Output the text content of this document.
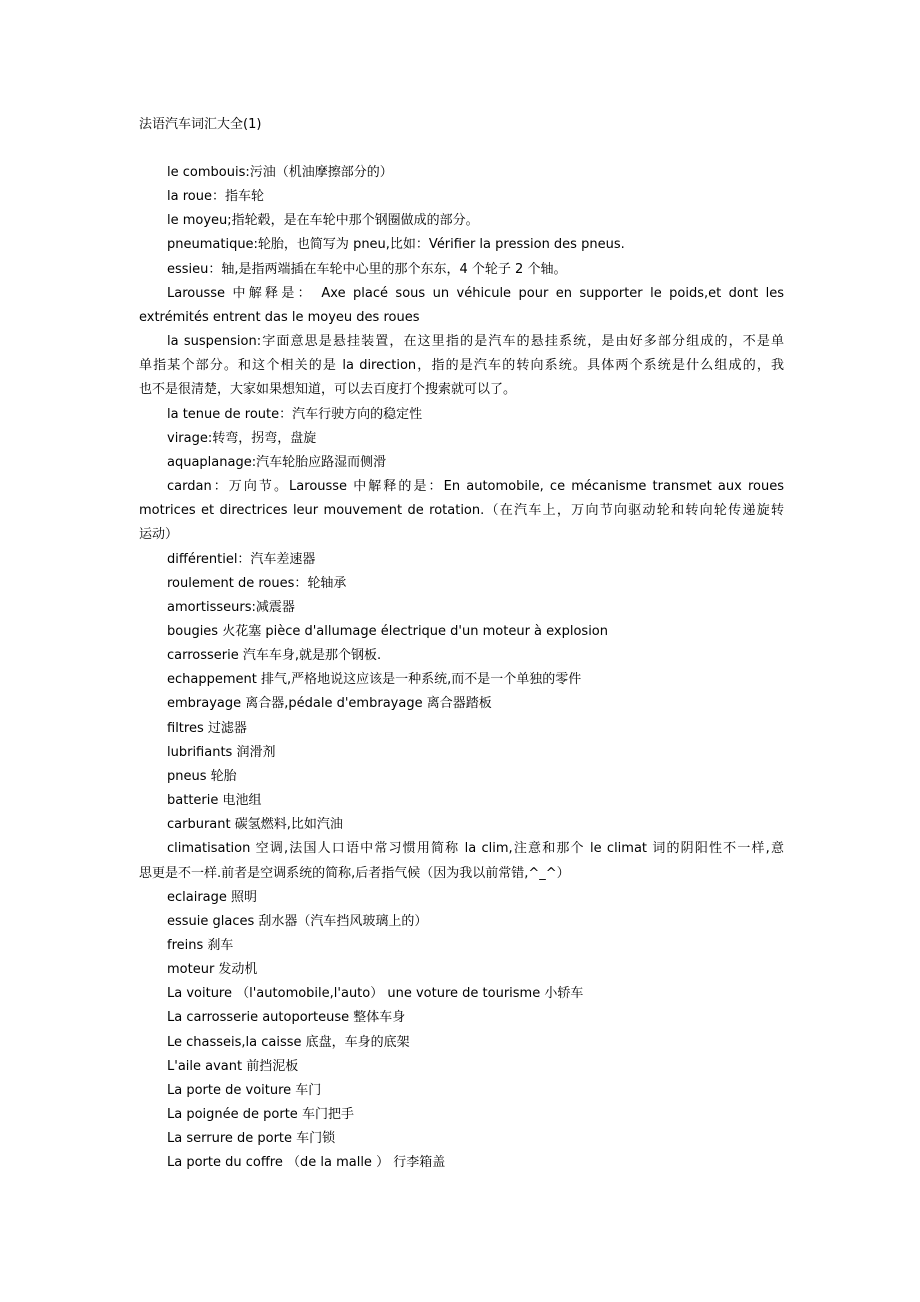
法语汽车词汇大全(1)
le combouis:污油（机油摩擦部分的）
la roue：指车轮
le moyeu;指轮毂，是在车轮中那个钢圈做成的部分。
pneumatique:轮胎，也简写为 pneu,比如：Vérifier la pression des pneus.
essieu：轴,是指两端插在车轮中心里的那个东东，4 个轮子 2 个轴。
Larousse 中解释是： Axe placé sous un véhicule pour en supporter le poids,et dont les
extrémités entrent das le moyeu des roues
la suspension:字面意思是悬挂装置，在这里指的是汽车的悬挂系统，是由好多部分组成的，不是单
单指某个部分。和这个相关的是 la direction，指的是汽车的转向系统。具体两个系统是什么组成的，我
也不是很清楚，大家如果想知道，可以去百度打个搜索就可以了。
la tenue de route：汽车行驶方向的稳定性
virage:转弯，拐弯，盘旋
aquaplanage:汽车轮胎应路湿而侧滑
cardan：万向节。Larousse 中解释的是：En automobile, ce mécanisme transmet aux roues
motrices et directrices leur mouvement de rotation.（在汽车上，万向节向驱动轮和转向轮传递旋转
运动）
différentiel：汽车差速器
roulement de roues：轮轴承
amortisseurs:减震器
bougies 火花塞 pièce d'allumage électrique d'un moteur à explosion
carrosserie 汽车车身,就是那个钢板.
echappement 排气,严格地说这应该是一种系统,而不是一个单独的零件
embrayage 离合器,pédale d'embrayage 离合器踏板
filtres 过滤器
lubrifiants 润滑剂
pneus 轮胎
batterie 电池组
carburant 碳氢燃料,比如汽油
climatisation 空调,法国人口语中常习惯用简称 la clim,注意和那个 le climat 词的阴阳性不一样,意
思更是不一样.前者是空调系统的简称,后者指气候（因为我以前常错,^_^）
eclairage 照明
essuie glaces 刮水器（汽车挡风玻璃上的）
freins 刹车
moteur 发动机
La voiture （l'automobile,l'auto） une voture de tourisme 小轿车
La carrosserie autoporteuse 整体车身
Le chasseis,la caisse 底盘，车身的底架
L'aile avant 前挡泥板
La porte de voiture 车门
La poignée de porte 车门把手
La serrure de porte 车门锁
La porte du coffre （de la malle ） 行李箱盖
